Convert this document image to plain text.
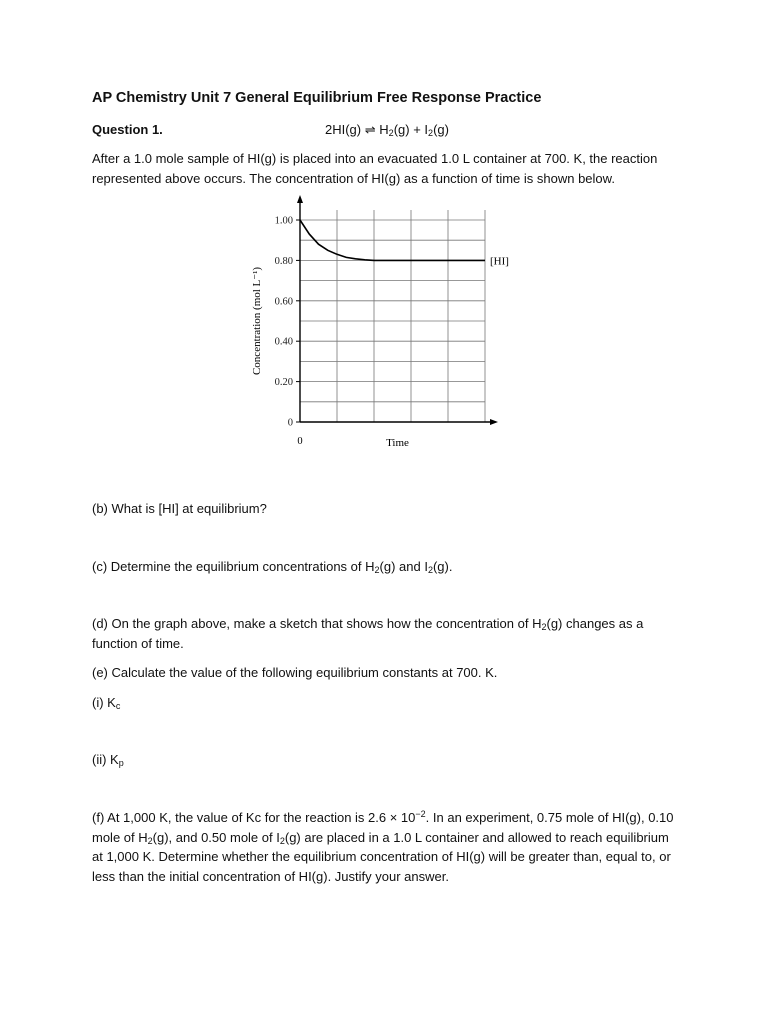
AP Chemistry Unit 7 General Equilibrium Free Response Practice

Question 1.	2HI(g) ⇌ $H_2(g) + I_2(g)$

After a 1.0 mole sample of HI(g) is placed into an evacuated 1.0 L container at 700. K, the reaction represented above occurs. The concentration of HI(g) as a function of time is shown below.

0
0.20
0.40
0.60
0.80
1.00
0	Time
Concentration (mol L⁻¹)
[HI]

(b) What is [HI] at equilibrium?

(c) Determine the equilibrium concentrations of $H_2(g)$ and $I_2(g)$.

(d) On the graph above, make a sketch that shows how the concentration of $H_2(g)$ changes as a function of time.

(e) Calculate the value of the following equilibrium constants at 700. K.

(i) $K_c$

(ii) $K_p$

(f) At 1,000 K, the value of Kc for the reaction is $2.6 \times 10^{-2}$. In an experiment, 0.75 mole of HI(g), 0.10 mole of $H_2(g)$, and 0.50 mole of $I_2(g)$ are placed in a 1.0 L container and allowed to reach equilibrium at 1,000 K. Determine whether the equilibrium concentration of HI(g) will be greater than, equal to, or less than the initial concentration of HI(g). Justify your answer.
